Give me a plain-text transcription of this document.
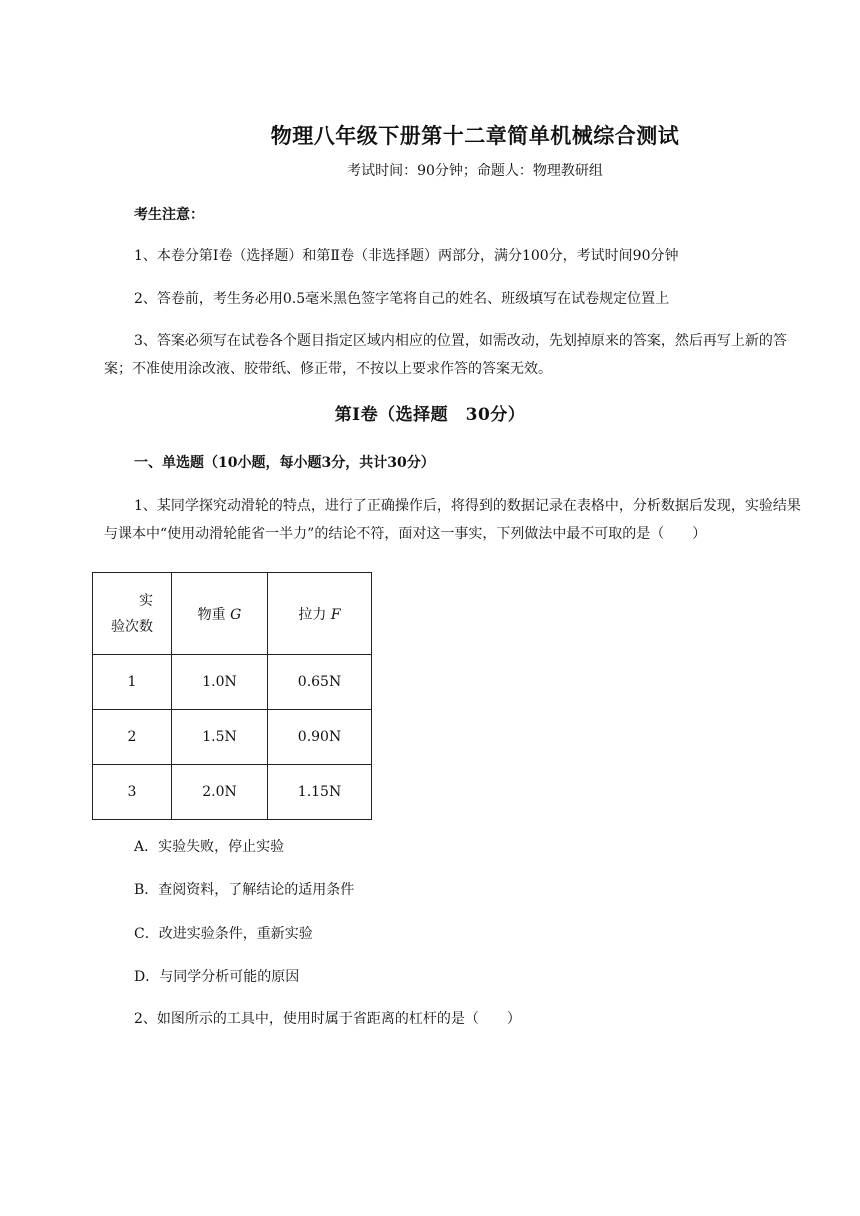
物理八年级下册第十二章简单机械综合测试
考试时间：90分钟；命题人：物理教研组
考生注意：
1、本卷分第Ⅰ卷（选择题）和第Ⅱ卷（非选择题）两部分，满分100分，考试时间90分钟
2、答卷前，考生务必用0.5毫米黑色签字笔将自己的姓名、班级填写在试卷规定位置上
3、答案必须写在试卷各个题目指定区域内相应的位置，如需改动，先划掉原来的答案，然后再写上新的答案；不准使用涂改液、胶带纸、修正带，不按以上要求作答的答案无效。
第Ⅰ卷（选择题　30分）
一、单选题（10小题，每小题3分，共计30分）
1、某同学探究动滑轮的特点，进行了正确操作后，将得到的数据记录在表格中，分析数据后发现，实验结果与课本中“使用动滑轮能省一半力”的结论不符，面对这一事实，下列做法中最不可取的是（　　）
实
验次数	物重 G	拉力 F
1	1.0N	0.65N
2	1.5N	0.90N
3	2.0N	1.15N
A．实验失败，停止实验
B．查阅资料，了解结论的适用条件
C．改进实验条件，重新实验
D．与同学分析可能的原因
2、如图所示的工具中，使用时属于省距离的杠杆的是（　　）
